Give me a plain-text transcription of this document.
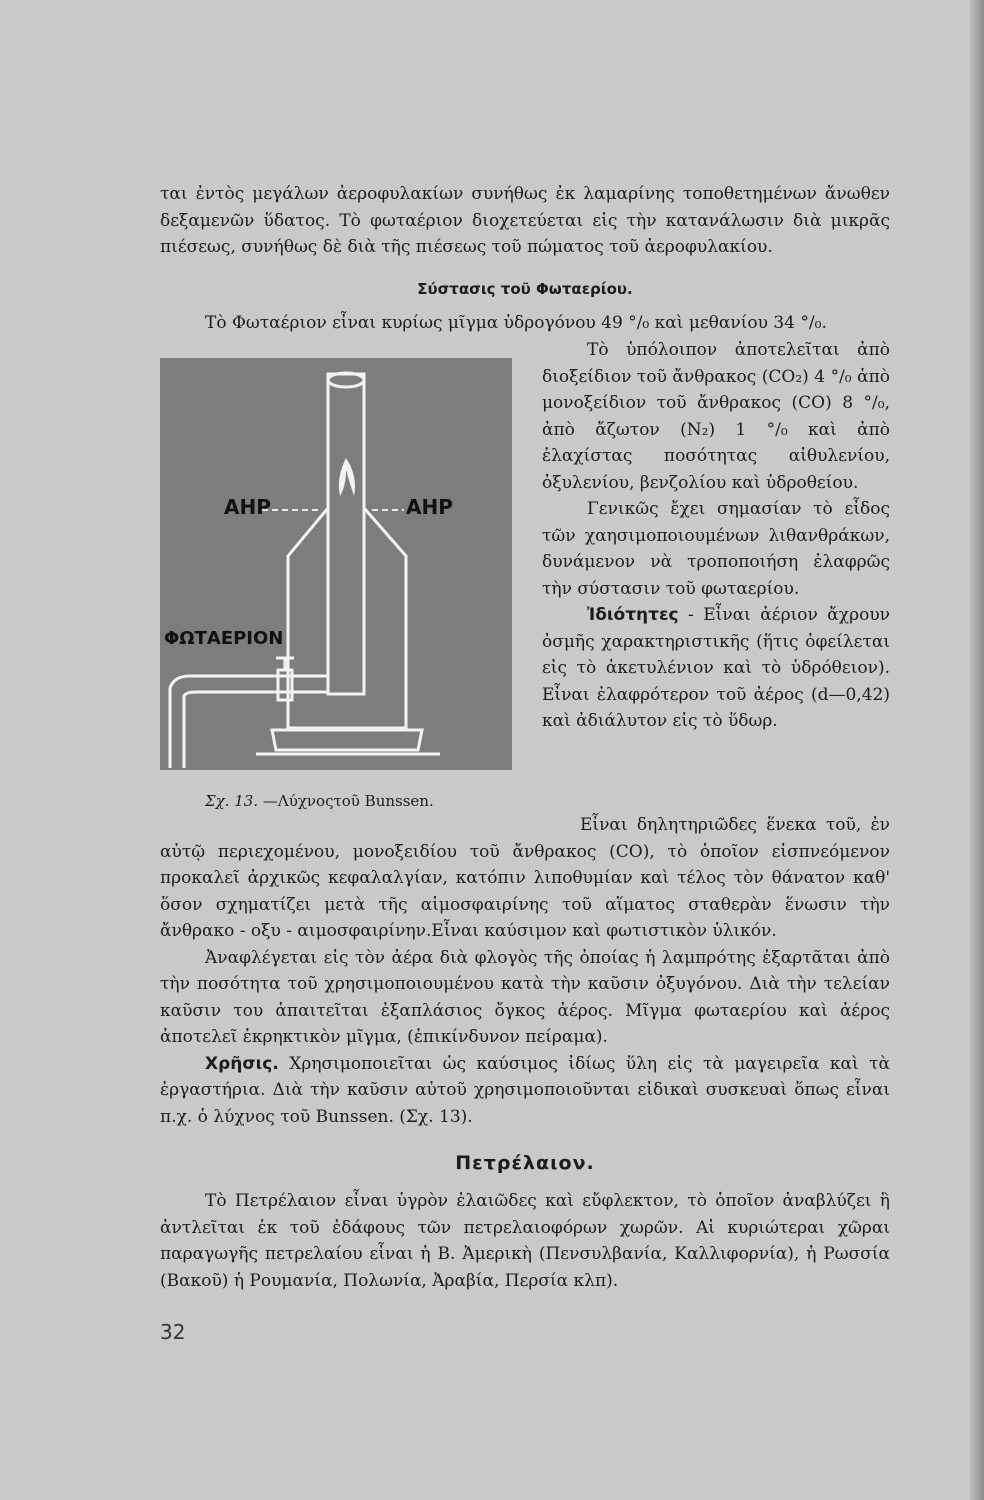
ται ἐντὸς μεγάλων ἀεροφυλακίων συνήθως ἐκ λαμαρίνης τοποθετημένων ἄνωθεν δεξαμενῶν ὕδατος. Τὸ φωταέριον διοχετεύεται εἰς τὴν κατανάλωσιν διὰ μικρᾶς πιέσεως, συνήθως δὲ διὰ τῆς πιέσεως τοῦ πώματος τοῦ ἀεροφυλακίου.

Σύστασις τοῦ Φωταερίου.
Τὸ Φωταέριον εἶναι κυρίως μῖγμα ὑδρογόνου 49 °/₀ καὶ μεθανίου 34 °/₀.

Τὸ ὑπόλοιπον ἀποτελεῖται ἀπὸ διοξείδιον τοῦ ἄνθρακος (CO₂) 4 °/₀ ἀπὸ μονοξείδιον τοῦ ἄνθρακος (CO) 8 °/₀, ἀπὸ ἄζωτον (N₂) 1 °/₀ καὶ ἀπὸ ἐλαχίστας ποσότητας αἰθυλενίου, ὀξυλενίου, βενζολίου καὶ ὑδροθείου.

Γενικῶς ἔχει σημασίαν τὸ εἶδος τῶν χαησιμοποιουμένων λιθανθράκων, δυνάμενον νὰ τροποποιήση ἐλαφρῶς τὴν σύστασιν τοῦ φωταερίου.

Ἰδιότητες - Εἶναι ἀέριον ἄχρουν ὀσμῆς χαρακτηριστικῆς (ἥτις ὀφείλεται εἰς τὸ ἀκετυλένιον καὶ τὸ ὑδρόθειον). Εἶναι ἐλαφρότερον τοῦ ἀέρος (d—0,42) καὶ ἀδιάλυτον εἰς τὸ ὕδωρ.

ΑΗΡ	ΑΗΡ
ΦΩΤΑΕΡΙΟΝ
Σχ. 13. —Λύχνοςτοῦ Bunssen.

Εἶναι δηλητηριῶδες ἕνεκα τοῦ, ἐν αὐτῷ περιεχομένου, μονοξειδίου τοῦ ἄνθρακος (CO), τὸ ὁποῖον εἰσπνεόμενον προκαλεῖ ἀρχικῶς κεφαλαλγίαν, κατόπιν λιποθυμίαν καὶ τέλος τὸν θάνατον καθ' ὅσον σχηματίζει μετὰ τῆς αἱμοσφαιρίνης τοῦ αἵματος σταθερὰν ἕνωσιν τὴν ἄνθρακο - οξυ - αιμοσφαιρίνην.Εἶναι καύσιμον καὶ φωτιστικὸν ὑλικόν.

Ἀναφλέγεται εἰς τὸν ἀέρα διὰ φλογὸς τῆς ὁποίας ἡ λαμπρότης ἐξαρτᾶται ἀπὸ τὴν ποσότητα τοῦ χρησιμοποιουμένου κατὰ τὴν καῦσιν ὀξυγόνου. Διὰ τὴν τελείαν καῦσιν του ἀπαιτεῖται ἑξαπλάσιος ὄγκος ἀέρος. Μῖγμα φωταερίου καὶ ἀέρος ἀποτελεῖ ἐκρηκτικὸν μῖγμα, (ἐπικίνδυνον πείραμα).

Χρῆσις. Χρησιμοποιεῖται ὡς καύσιμος ἰδίως ὕλη εἰς τὰ μαγειρεῖα καὶ τὰ ἐργαστήρια. Διὰ τὴν καῦσιν αὐτοῦ χρησιμοποιοῦνται εἰδικαὶ συσκευαὶ ὅπως εἶναι π.χ. ὁ λύχνος τοῦ Bunssen. (Σχ. 13).

Πετρέλαιον.

Τὸ Πετρέλαιον εἶναι ὑγρὸν ἐλαιῶδες καὶ εὔφλεκτον, τὸ ὁποῖον ἀναβλύζει ἢ ἀντλεῖται ἐκ τοῦ ἐδάφους τῶν πετρελαιοφόρων χωρῶν. Αἱ κυριώτεραι χῶραι παραγωγῆς πετρελαίου εἶναι ἡ Β. Ἀμερικὴ (Πενσυλβανία, Καλλιφορνία), ἡ Ρωσσία (Βακοῦ) ἡ Ρουμανία, Πολωνία, Ἀραβία, Περσία κλπ).

32
